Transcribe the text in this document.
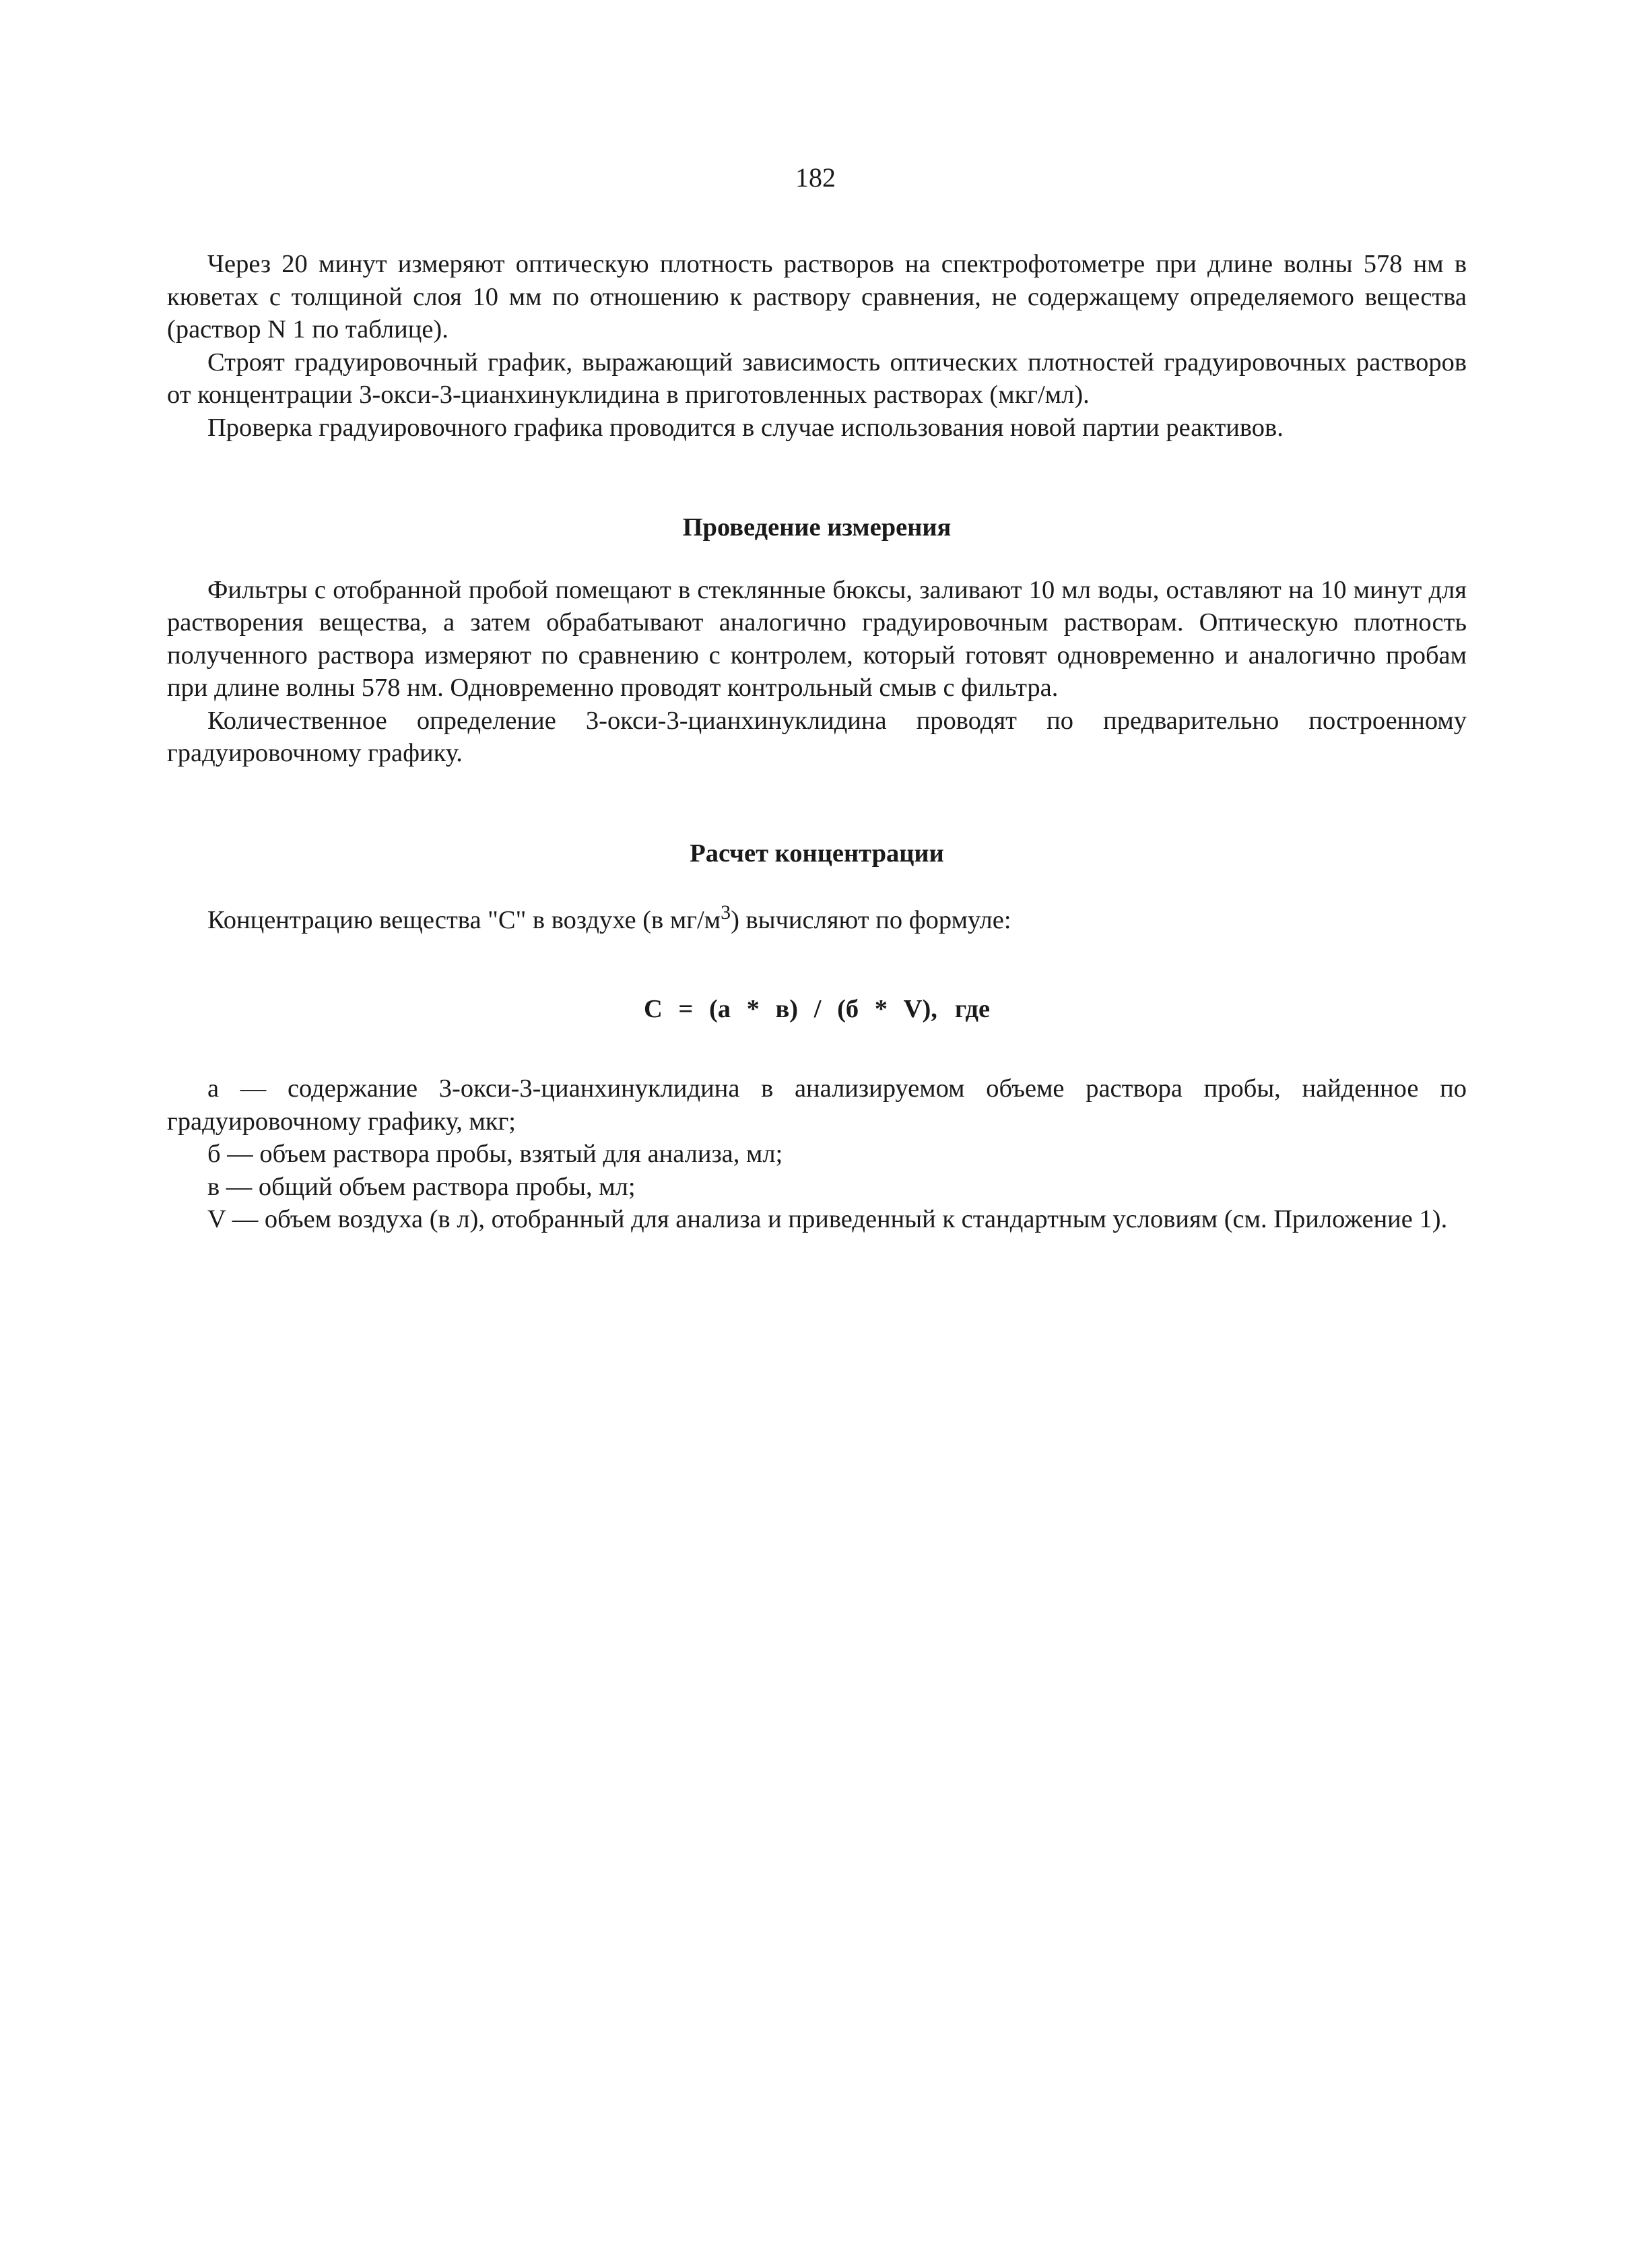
182

Через 20 минут измеряют оптическую плотность растворов на спектрофотометре при длине волны 578 нм в кюветах с толщиной слоя 10 мм по отношению к раствору сравнения, не содержащему определяемого вещества (раствор N 1 по таблице).

Строят градуировочный график, выражающий зависимость оптических плотностей градуировочных растворов от концентрации 3-окси-3-цианхинуклидина в приготовленных растворах (мкг/мл).

Проверка градуировочного графика проводится в случае использования новой партии реактивов.

Проведение измерения

Фильтры с отобранной пробой помещают в стеклянные бюксы, заливают 10 мл воды, оставляют на 10 минут для растворения вещества, а затем обрабатывают аналогично градуировочным растворам. Оптическую плотность полученного раствора измеряют по сравнению с контролем, который готовят одновременно и аналогично пробам при длине волны 578 нм. Одновременно проводят контрольный смыв с фильтра.

Количественное определение 3-окси-3-цианхинуклидина проводят по предварительно построенному градуировочному графику.

Расчет концентрации

Концентрацию вещества "С" в воздухе (в $мг/м^3$) вычисляют по формуле:

С = (а * в) / (б * V), где

а — содержание 3-окси-3-цианхинуклидина в анализируемом объеме раствора пробы, найденное по градуировочному графику, мкг;

б — объем раствора пробы, взятый для анализа, мл;

в — общий объем раствора пробы, мл;

V — объем воздуха (в л), отобранный для анализа и приведенный к стандартным условиям (см. Приложение 1).
